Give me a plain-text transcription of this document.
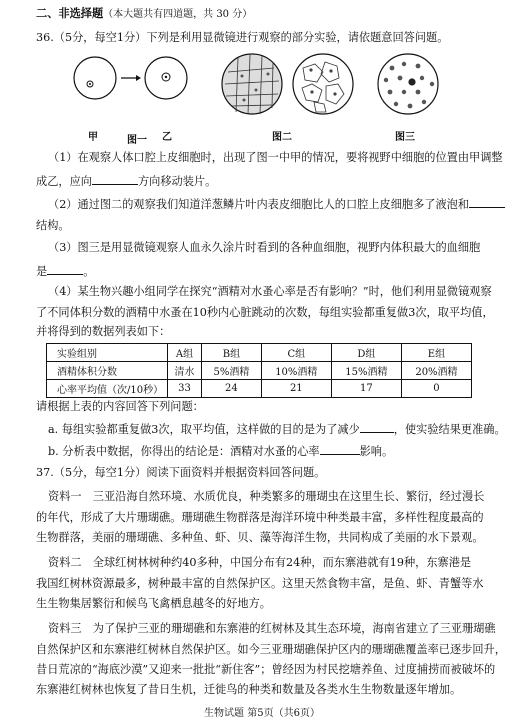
二、非选择题（本大题共有四道题，共 30 分）
36.（5分，每空1分）下列是利用显微镜进行观察的部分实验，请依题意回答问题。
甲	乙
图一	图二	图三
（1）在观察人体口腔上皮细胞时，出现了图一中甲的情况，要将视野中细胞的位置由甲调整
成乙，应向	方向移动装片。
（2）通过图二的观察我们知道洋葱鳞片叶内表皮细胞比人的口腔上皮细胞多了液泡和
结构。
（3）图三是用显微镜观察人血永久涂片时看到的各种血细胞，视野内体积最大的血细胞
是	。
（4）某生物兴趣小组同学在探究“酒精对水蚤心率是否有影响？”时，他们利用显微镜观察
了不同体积分数的酒精中水蚤在10秒内心脏跳动的次数，每组实验都重复做3次，取平均值，
实验组别	A组	B组	C组	D组	E组
酒精体积分数	清水	5%酒精	10%酒精	15%酒精	20%酒精
心率平均值（次/10秒）	33	24	21	17	0
并将得到的数据列表如下：
请根据上表的内容回答下列问题：
a. 每组实验都重复做3次，取平均值，这样做的目的是为了减少	，使实验结果更准确。
b. 分析表中数据，你得出的结论是：酒精对水蚤的心率	影响。
37.（5分，每空1分）阅读下面资料并根据资料回答问题。
资料一　三亚沿海自然环境、水质优良，种类繁多的珊瑚虫在这里生长、繁衍，经过漫长
的年代，形成了大片珊瑚礁。珊瑚礁生物群落是海洋环境中种类最丰富，多样性程度最高的
生物群落，美丽的珊瑚礁、多种鱼、虾、贝、藻等海洋生物，共同构成了美丽的水下景观。
资料二　全球红树林树种约40多种，中国分布有24种，而东寨港就有19种，东寨港是
我国红树林资源最多，树种最丰富的自然保护区。这里天然食物丰富，是鱼、虾、青蟹等水
生生物集居繁衍和候鸟飞禽栖息越冬的好地方。
资料三　为了保护三亚的珊瑚礁和东寨港的红树林及其生态环境，海南省建立了三亚珊瑚礁
自然保护区和东寨港红树林自然保护区。如今三亚珊瑚礁保护区内的珊瑚礁覆盖率已逐步回升，
昔日荒凉的“海底沙漠”又迎来一批批“新住客”；曾经因为村民挖塘养鱼、过度捕捞而被破坏的
东寨港红树林也恢复了昔日生机，迁徙鸟的种类和数量及各类水生生物数量逐年增加。
生物试题 第5页（共6页）
